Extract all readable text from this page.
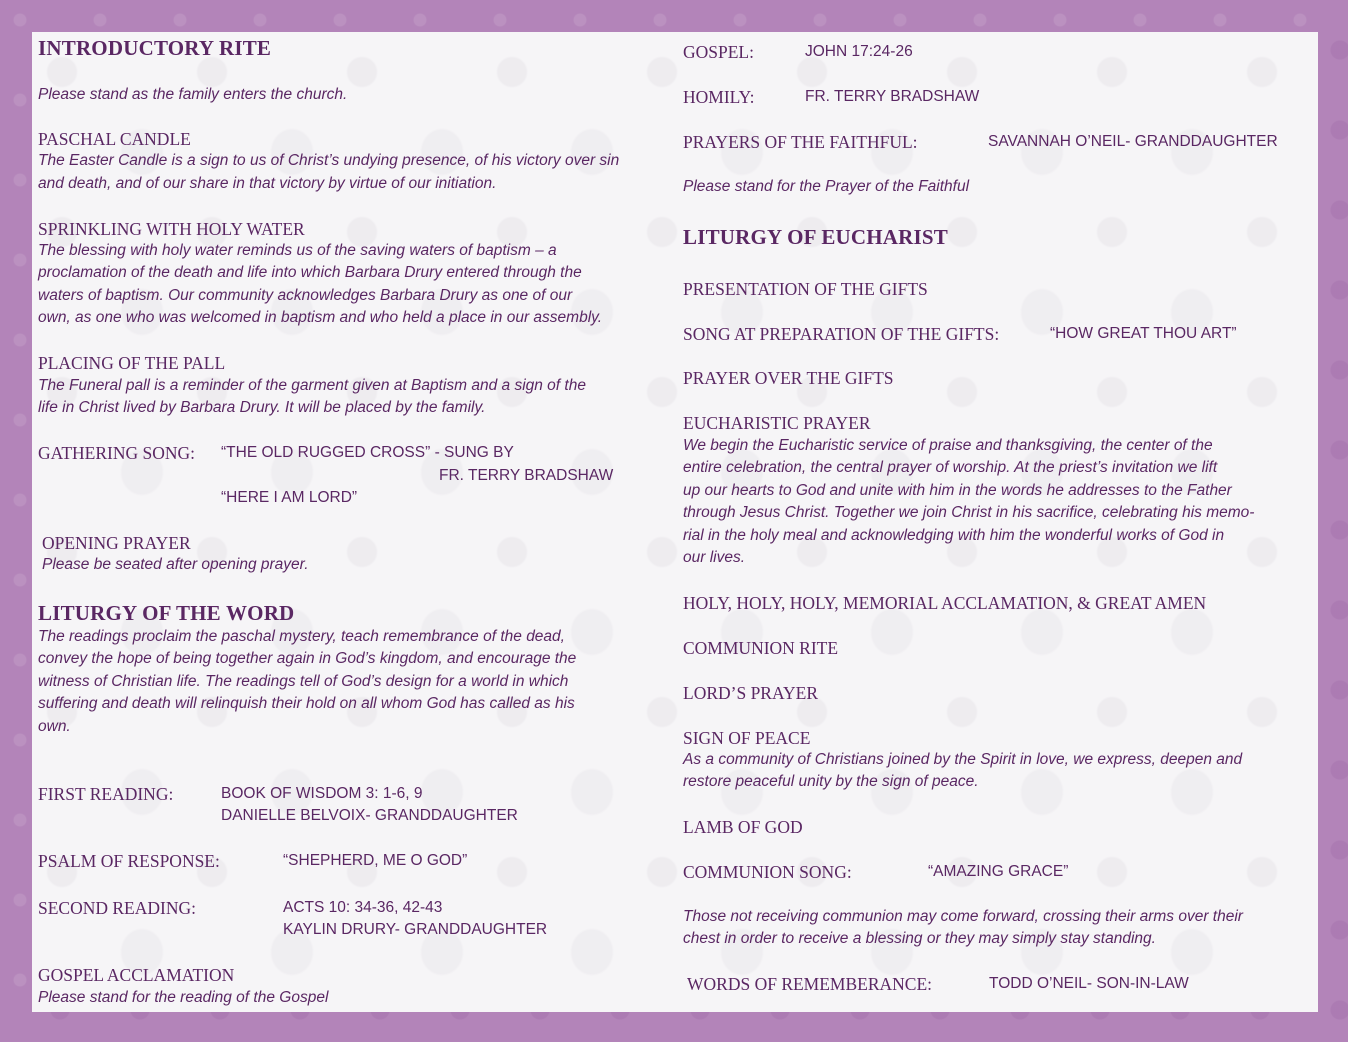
INTRODUCTORY RITE
Please stand as the family enters the church.
PASCHAL CANDLE
The Easter Candle is a sign to us of Christ’s undying presence, of his victory over sin
and death, and of our share in that victory by virtue of our initiation.
SPRINKLING WITH HOLY WATER
The blessing with holy water reminds us of the saving waters of baptism – a
proclamation of the death and life into which Barbara Drury entered through the
waters of baptism. Our community acknowledges Barbara Drury as one of our
own, as one who was welcomed in baptism and who held a place in our assembly.
PLACING OF THE PALL
The Funeral pall is a reminder of the garment given at Baptism and a sign of the
life in Christ lived by Barbara Drury. It will be placed by the family.
GATHERING SONG: “THE OLD RUGGED CROSS” - SUNG BY
FR. TERRY BRADSHAW
“HERE I AM LORD”
OPENING PRAYER
Please be seated after opening prayer.
LITURGY OF THE WORD
The readings proclaim the paschal mystery, teach remembrance of the dead,
convey the hope of being together again in God’s kingdom, and encourage the
witness of Christian life. The readings tell of God’s design for a world in which
suffering and death will relinquish their hold on all whom God has called as his
own.
FIRST READING:	BOOK OF WISDOM 3: 1-6, 9
DANIELLE BELVOIX- GRANDDAUGHTER
PSALM OF RESPONSE:	“SHEPHERD, ME O GOD”
SECOND READING:	ACTS 10: 34-36, 42-43
KAYLIN DRURY- GRANDDAUGHTER
GOSPEL ACCLAMATION
Please stand for the reading of the Gospel
GOSPEL:	JOHN 17:24-26
HOMILY:	FR. TERRY BRADSHAW
PRAYERS OF THE FAITHFUL:	SAVANNAH O’NEIL- GRANDDAUGHTER
Please stand for the Prayer of the Faithful
LITURGY OF EUCHARIST
PRESENTATION OF THE GIFTS
SONG AT PREPARATION OF THE GIFTS:	“HOW GREAT THOU ART”
PRAYER OVER THE GIFTS
EUCHARISTIC PRAYER
We begin the Eucharistic service of praise and thanksgiving, the center of the
entire celebration, the central prayer of worship. At the priest’s invitation we lift
up our hearts to God and unite with him in the words he addresses to the Father
through Jesus Christ. Together we join Christ in his sacrifice, celebrating his memo-
rial in the holy meal and acknowledging with him the wonderful works of God in
our lives.
HOLY, HOLY, HOLY, MEMORIAL ACCLAMATION, & GREAT AMEN
COMMUNION RITE
LORD’S PRAYER
SIGN OF PEACE
As a community of Christians joined by the Spirit in love, we express, deepen and
restore peaceful unity by the sign of peace.
LAMB OF GOD
COMMUNION SONG:	“AMAZING GRACE”
Those not receiving communion may come forward, crossing their arms over their
chest in order to receive a blessing or they may simply stay standing.
WORDS OF REMEMBERANCE:	TODD O’NEIL- SON-IN-LAW
